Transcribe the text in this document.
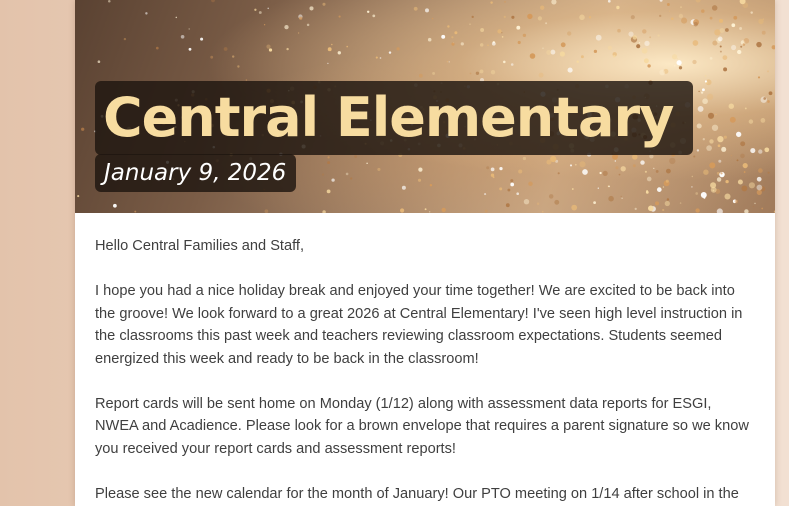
Central Elementary
January 9, 2026

Hello Central Families and Staff,

I hope you had a nice holiday break and enjoyed your time together! We are excited to be back into the groove! We look forward to a great 2026 at Central Elementary! I've seen high level instruction in the classrooms this past week and teachers reviewing classroom expectations. Students seemed energized this week and ready to be back in the classroom!

Report cards will be sent home on Monday (1/12) along with assessment data reports for ESGI, NWEA and Acadience. Please look for a brown envelope that requires a parent signature so we know you received your report cards and assessment reports!

Please see the new calendar for the month of January! Our PTO meeting on 1/14 after school in the
